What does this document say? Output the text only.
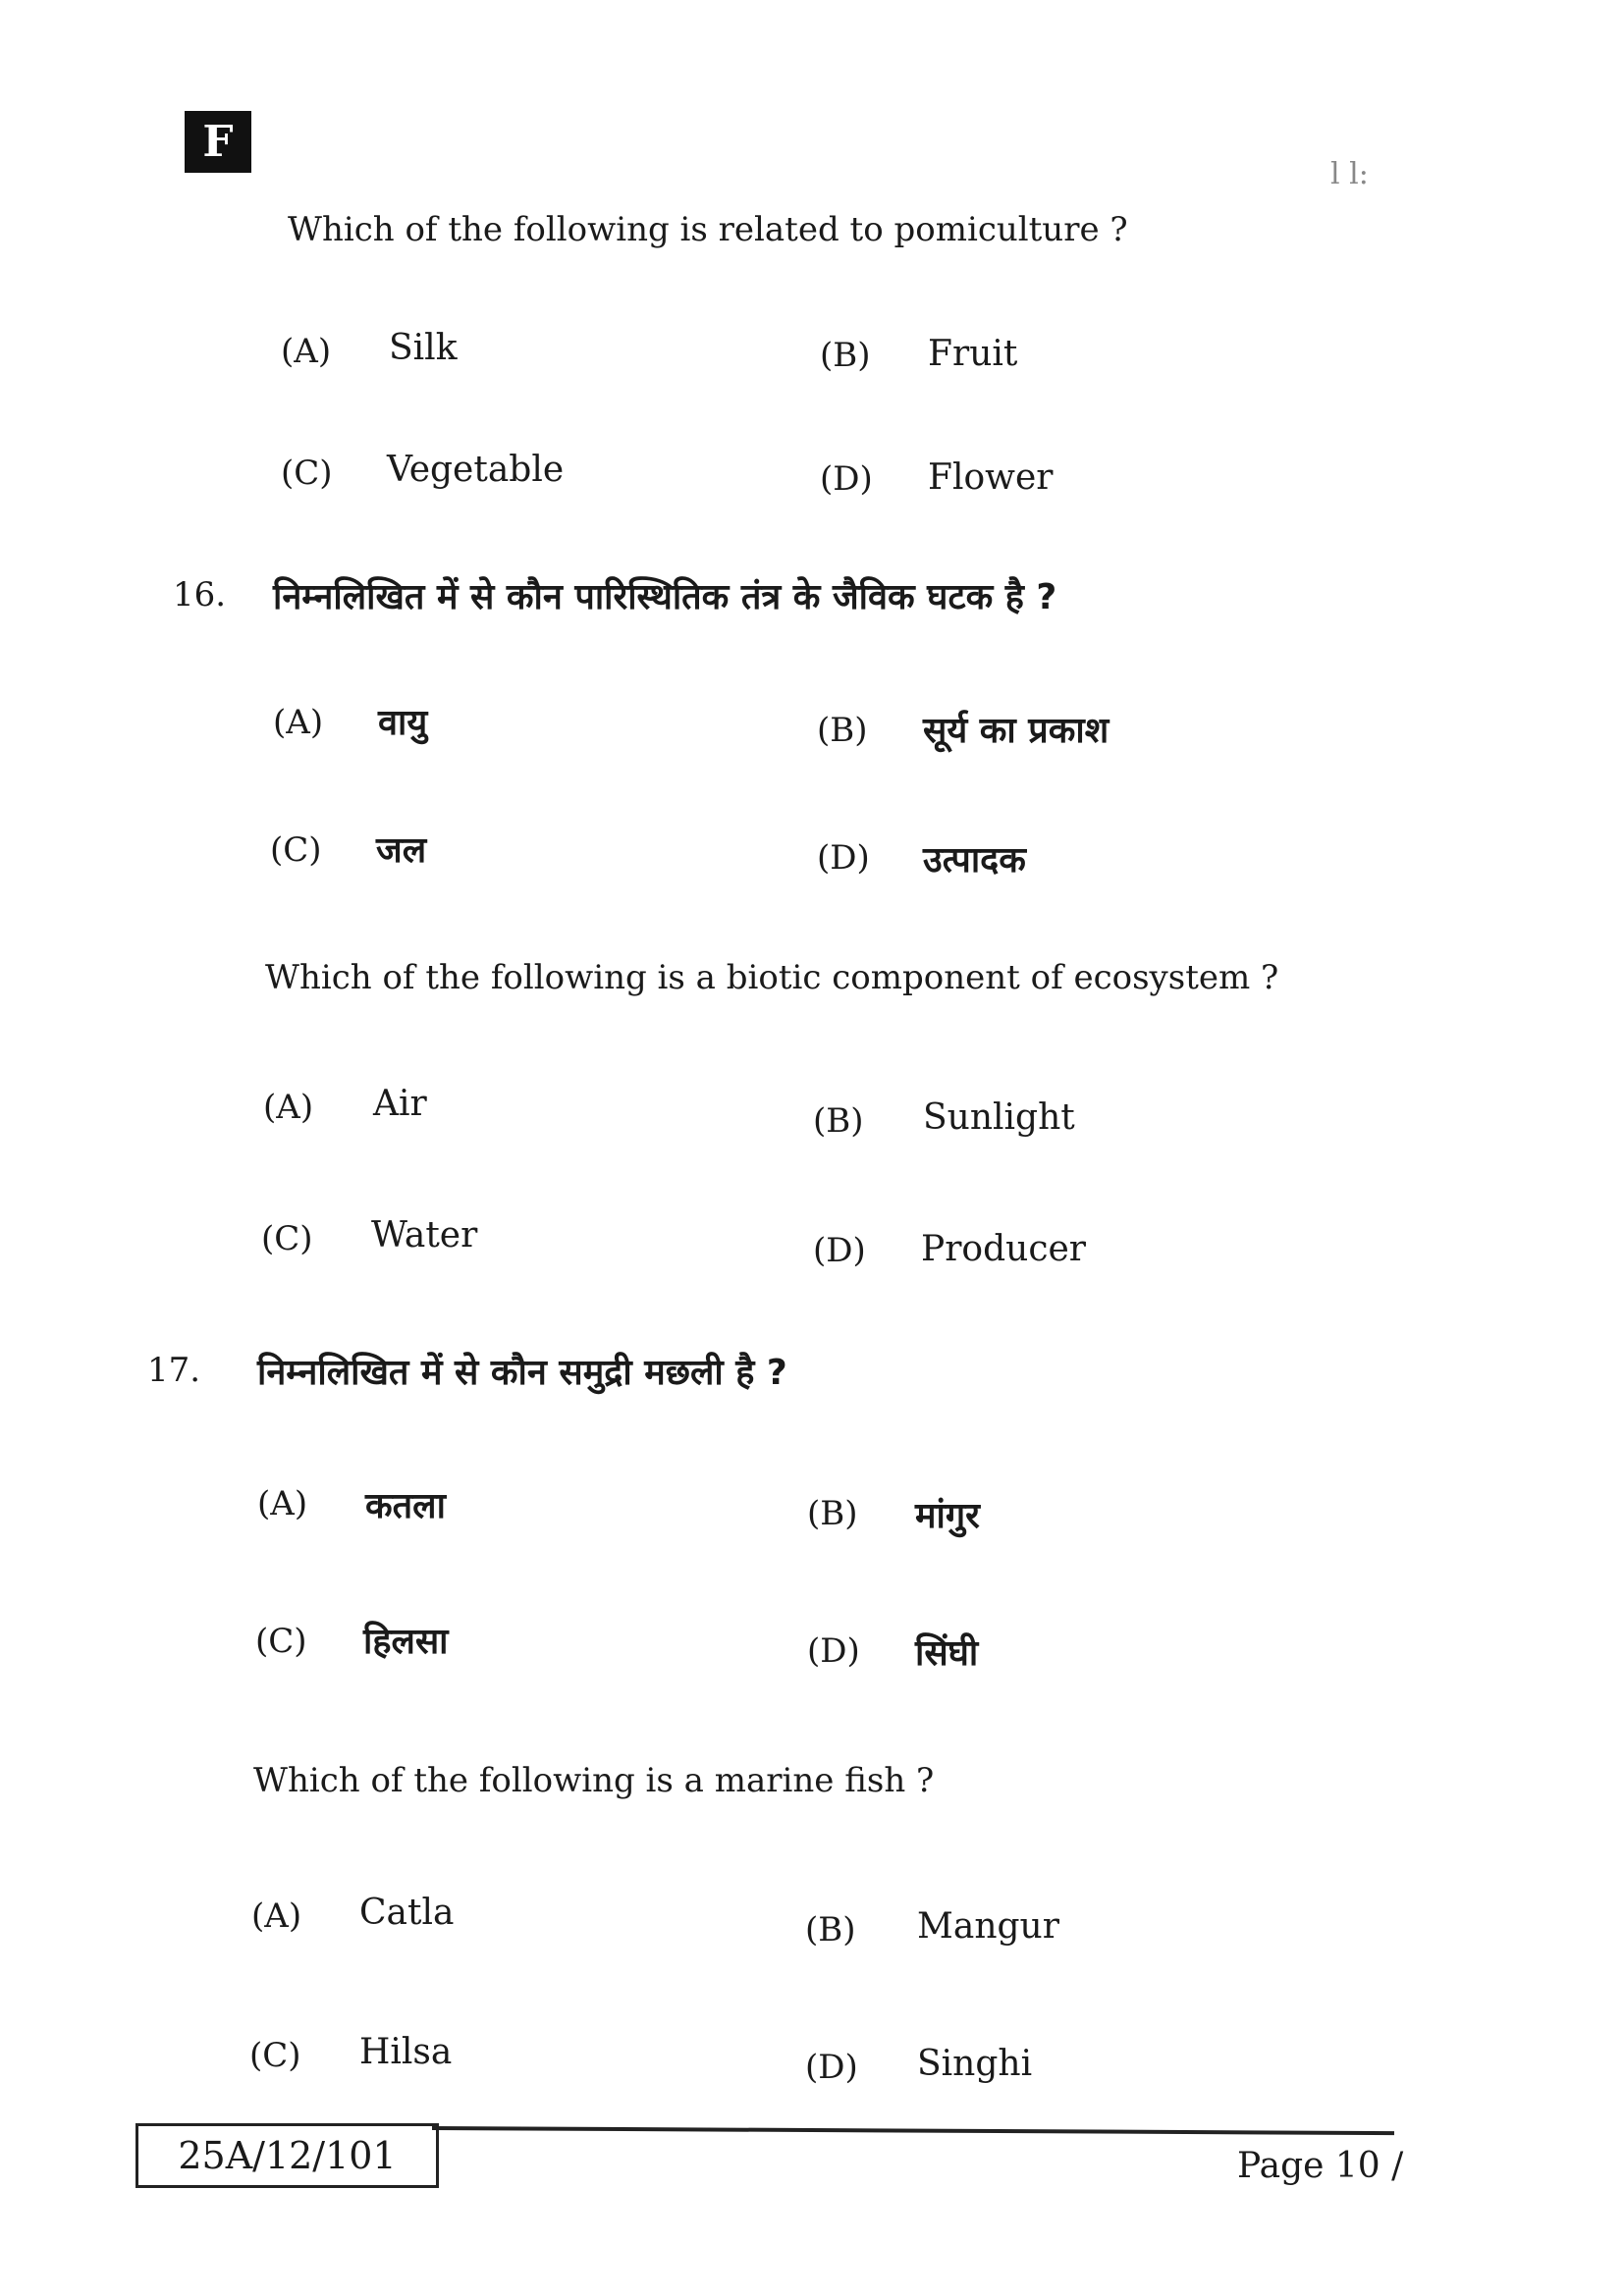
F
l l:
Which of the following is related to pomiculture ?
(A) Silk	(B) Fruit
(C) Vegetable	(D) Flower
16. निम्नलिखित में से कौन पारिस्थितिक तंत्र के जैविक घटक है ?
(A) वायु	(B) सूर्य का प्रकाश
(C) जल	(D) उत्पादक
Which of the following is a biotic component of ecosystem ?
(A) Air	(B) Sunlight
(C) Water	(D) Producer
17. निम्नलिखित में से कौन समुद्री मछली है ?
(A) कतला	(B) मांगुर
(C) हिलसा	(D) सिंघी
Which of the following is a marine fish ?
(A) Catla	(B) Mangur
(C) Hilsa	(D) Singhi
25A/12/101	Page 10 /
